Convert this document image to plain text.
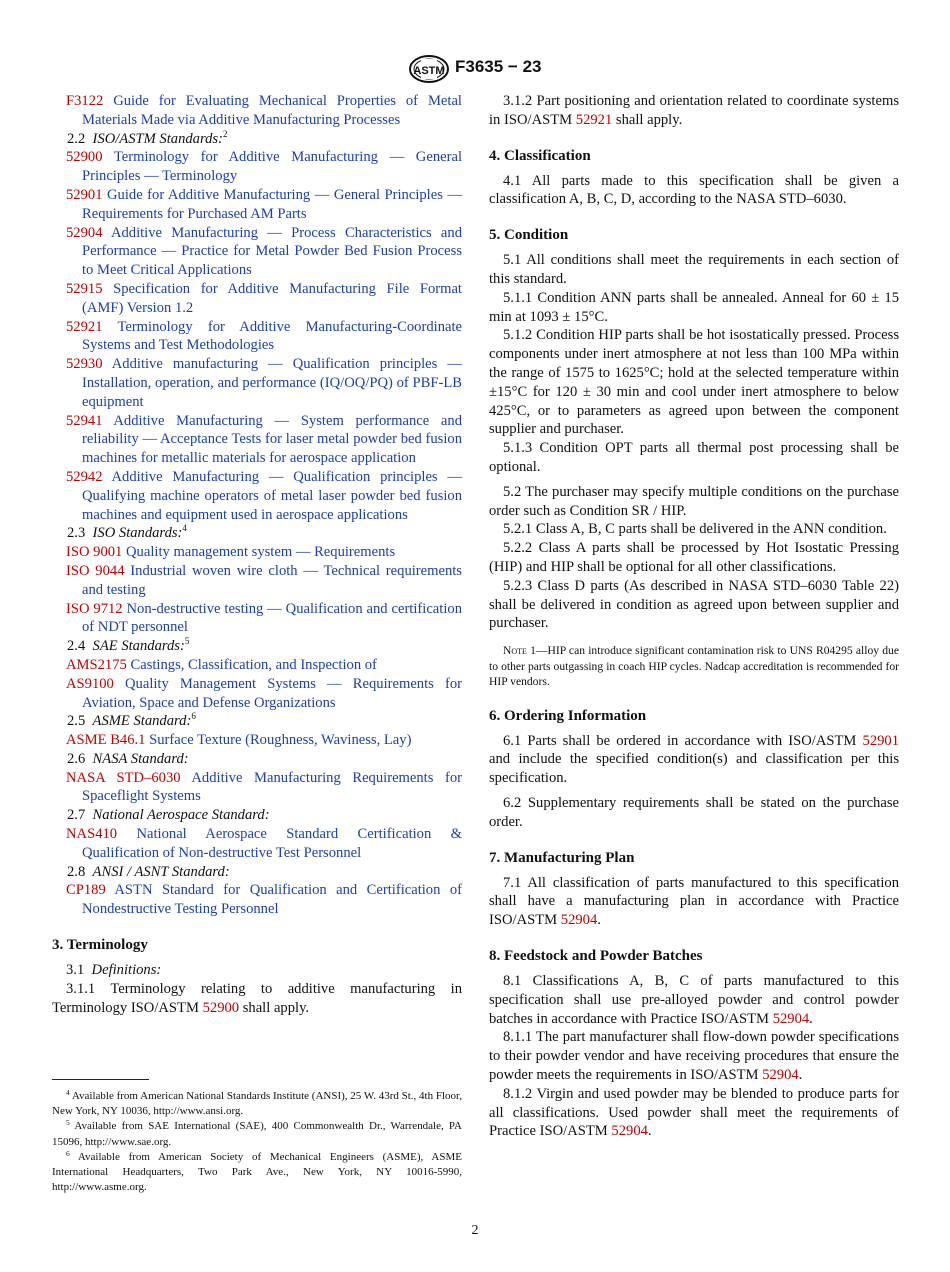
ASTM F3635 − 23

F3122 Guide for Evaluating Mechanical Properties of Metal Materials Made via Additive Manufacturing Processes

2.2 ISO/ASTM Standards:$^2$

52900 Terminology for Additive Manufacturing — General Principles — Terminology

52901 Guide for Additive Manufacturing — General Principles — Requirements for Purchased AM Parts

52904 Additive Manufacturing — Process Characteristics and Performance — Practice for Metal Powder Bed Fusion Process to Meet Critical Applications

52915 Specification for Additive Manufacturing File Format (AMF) Version 1.2

52921 Terminology for Additive Manufacturing-Coordinate Systems and Test Methodologies

52930 Additive manufacturing — Qualification principles — Installation, operation, and performance (IQ/OQ/PQ) of PBF-LB equipment

52941 Additive Manufacturing — System performance and reliability — Acceptance Tests for laser metal powder bed fusion machines for metallic materials for aerospace application

52942 Additive Manufacturing — Qualification principles — Qualifying machine operators of metal laser powder bed fusion machines and equipment used in aerospace applications

2.3 ISO Standards:$^4$

ISO 9001 Quality management system — Requirements

ISO 9044 Industrial woven wire cloth — Technical requirements and testing

ISO 9712 Non-destructive testing — Qualification and certification of NDT personnel

2.4 SAE Standards:$^5$

AMS2175 Castings, Classification, and Inspection of

AS9100 Quality Management Systems — Requirements for Aviation, Space and Defense Organizations

2.5 ASME Standard:$^6$

ASME B46.1 Surface Texture (Roughness, Waviness, Lay)

2.6 NASA Standard:

NASA STD–6030 Additive Manufacturing Requirements for Spaceflight Systems

2.7 National Aerospace Standard:

NAS410 National Aerospace Standard Certification & Qualification of Non-destructive Test Personnel

2.8 ANSI / ASNT Standard:

CP189 ASTN Standard for Qualification and Certification of Nondestructive Testing Personnel

3. Terminology

3.1 Definitions:

3.1.1 Terminology relating to additive manufacturing in Terminology ISO/ASTM 52900 shall apply.

$^4$ Available from American National Standards Institute (ANSI), 25 W. 43rd St., 4th Floor, New York, NY 10036, http://www.ansi.org.

$^5$ Available from SAE International (SAE), 400 Commonwealth Dr., Warrendale, PA 15096, http://www.sae.org.

$^6$ Available from American Society of Mechanical Engineers (ASME), ASME International Headquarters, Two Park Ave., New York, NY 10016-5990, http://www.asme.org.

3.1.2 Part positioning and orientation related to coordinate systems in ISO/ASTM 52921 shall apply.

4. Classification

4.1 All parts made to this specification shall be given a classification A, B, C, D, according to the NASA STD–6030.

5. Condition

5.1 All conditions shall meet the requirements in each section of this standard.

5.1.1 Condition ANN parts shall be annealed. Anneal for 60 ± 15 min at 1093 ± 15°C.

5.1.2 Condition HIP parts shall be hot isostatically pressed. Process components under inert atmosphere at not less than 100 MPa within the range of 1575 to 1625°C; hold at the selected temperature within ±15°C for 120 ± 30 min and cool under inert atmosphere to below 425°C, or to parameters as agreed upon between the component supplier and purchaser.

5.1.3 Condition OPT parts all thermal post processing shall be optional.

5.2 The purchaser may specify multiple conditions on the purchase order such as Condition SR / HIP.

5.2.1 Class A, B, C parts shall be delivered in the ANN condition.

5.2.2 Class A parts shall be processed by Hot Isostatic Pressing (HIP) and HIP shall be optional for all other classifications.

5.2.3 Class D parts (As described in NASA STD–6030 Table 22) shall be delivered in condition as agreed upon between supplier and purchaser.

Note 1—HIP can introduce significant contamination risk to UNS R04295 alloy due to other parts outgassing in coach HIP cycles. Nadcap accreditation is recommended for HIP vendors.

6. Ordering Information

6.1 Parts shall be ordered in accordance with ISO/ASTM 52901 and include the specified condition(s) and classification per this specification.

6.2 Supplementary requirements shall be stated on the purchase order.

7. Manufacturing Plan

7.1 All classification of parts manufactured to this specification shall have a manufacturing plan in accordance with Practice ISO/ASTM 52904.

8. Feedstock and Powder Batches

8.1 Classifications A, B, C of parts manufactured to this specification shall use pre-alloyed powder and control powder batches in accordance with Practice ISO/ASTM 52904.

8.1.1 The part manufacturer shall flow-down powder specifications to their powder vendor and have receiving procedures that ensure the powder meets the requirements in ISO/ASTM 52904.

8.1.2 Virgin and used powder may be blended to produce parts for all classifications. Used powder shall meet the requirements of Practice ISO/ASTM 52904.

2
